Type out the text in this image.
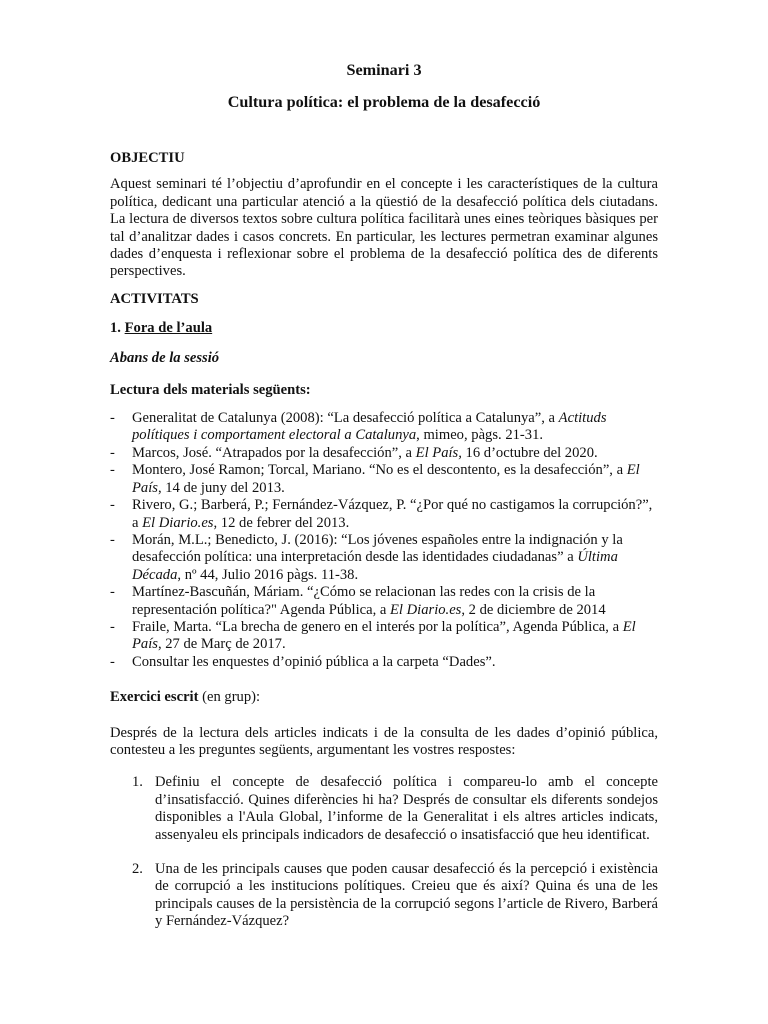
Seminari 3

Cultura política: el problema de la desafecció

OBJECTIU

Aquest seminari té l’objectiu d’aprofundir en el concepte i les característiques de la cultura política, dedicant una particular atenció a la qüestió de la desafecció política dels ciutadans. La lectura de diversos textos sobre cultura política facilitarà unes eines teòriques bàsiques per tal d’analitzar dades i casos concrets. En particular, les lectures permetran examinar algunes dades d’enquesta i reflexionar sobre el problema de la desafecció política des de diferents perspectives.

ACTIVITATS

1. Fora de l’aula

Abans de la sessió

Lectura dels materials següents:

- Generalitat de Catalunya (2008): “La desafecció política a Catalunya”, a Actituds polítiques i comportament electoral a Catalunya, mimeo, pàgs. 21-31.
- Marcos, José. “Atrapados por la desafección”, a El País, 16 d’octubre del 2020.
- Montero, José Ramon; Torcal, Mariano. “No es el descontento, es la desafección”, a El País, 14 de juny del 2013.
- Rivero, G.; Barberá, P.; Fernández-Vázquez, P. “¿Por qué no castigamos la corrupción?”, a El Diario.es, 12 de febrer del 2013.
- Morán, M.L.; Benedicto, J. (2016): “Los jóvenes españoles entre la indignación y la desafección política: una interpretación desde las identidades ciudadanas” a Última Década, nº 44, Julio 2016 pàgs. 11-38.
- Martínez-Bascuñán, Máriam. “¿Cómo se relacionan las redes con la crisis de la representación política?" Agenda Pública, a El Diario.es, 2 de diciembre de 2014
- Fraile, Marta. “La brecha de genero en el interés por la política”, Agenda Pública, a El País, 27 de Març de 2017.
- Consultar les enquestes d’opinió pública a la carpeta “Dades”.

Exercici escrit (en grup):

Després de la lectura dels articles indicats i de la consulta de les dades d’opinió pública, contesteu a les preguntes següents, argumentant les vostres respostes:

1. Definiu el concepte de desafecció política i compareu-lo amb el concepte d’insatisfacció. Quines diferències hi ha? Després de consultar els diferents sondejos disponibles a l'Aula Global, l’informe de la Generalitat i els altres articles indicats, assenyaleu els principals indicadors de desafecció o insatisfacció que heu identificat.
2. Una de les principals causes que poden causar desafecció és la percepció i existència de corrupció a les institucions polítiques. Creieu que és així? Quina és una de les principals causes de la persistència de la corrupció segons l’article de Rivero, Barberá y Fernández-Vázquez?
